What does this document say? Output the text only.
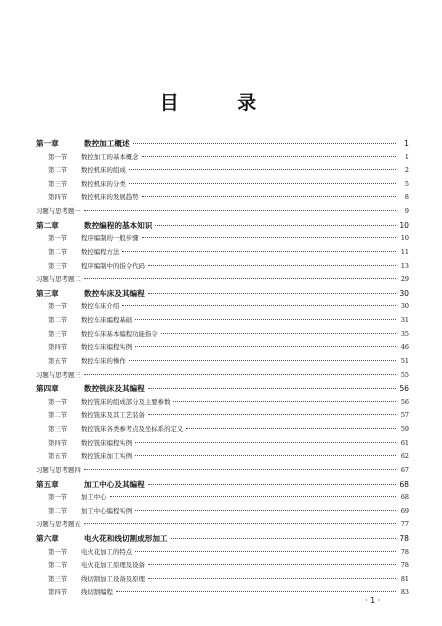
目 录
第一章	数控加工概述	1
第一节	数控加工的基本概念	1
第二节	数控机床的组成	2
第三节	数控机床的分类	5
第四节	数控机床的发展趋势	8
习题与思考题一	9
第二章	数控编程的基本知识	10
第一节	程序编制的一般步骤	10
第二节	数控编程方法	11
第三节	程序编制中的指令代码	13
习题与思考题二	29
第三章	数控车床及其编程	30
第一节	数控车床介绍	30
第二节	数控车床编程基础	31
第三节	数控车床基本编程功能指令	35
第四节	数控车床编程实例	46
第五节	数控车床的操作	51
习题与思考题三	55
第四章	数控铣床及其编程	56
第一节	数控铣床的组成部分及主要参数	56
第二节	数控铣床及其工艺装备	57
第三节	数控铣床各类参考点及坐标系的定义	59
第四节	数控铣床编程实例	61
第五节	数控铣床加工实例	62
习题与思考题四	67
第五章	加工中心及其编程	68
第一节	加工中心	68
第二节	加工中心编程实例	69
习题与思考题五	77
第六章	电火花和线切割成形加工	78
第一节	电火花加工的特点	78
第二节	电火花加工原理及设备	78
第三节	线切割加工设备及原理	81
第四节	线切割编程	83
· 1 ·
